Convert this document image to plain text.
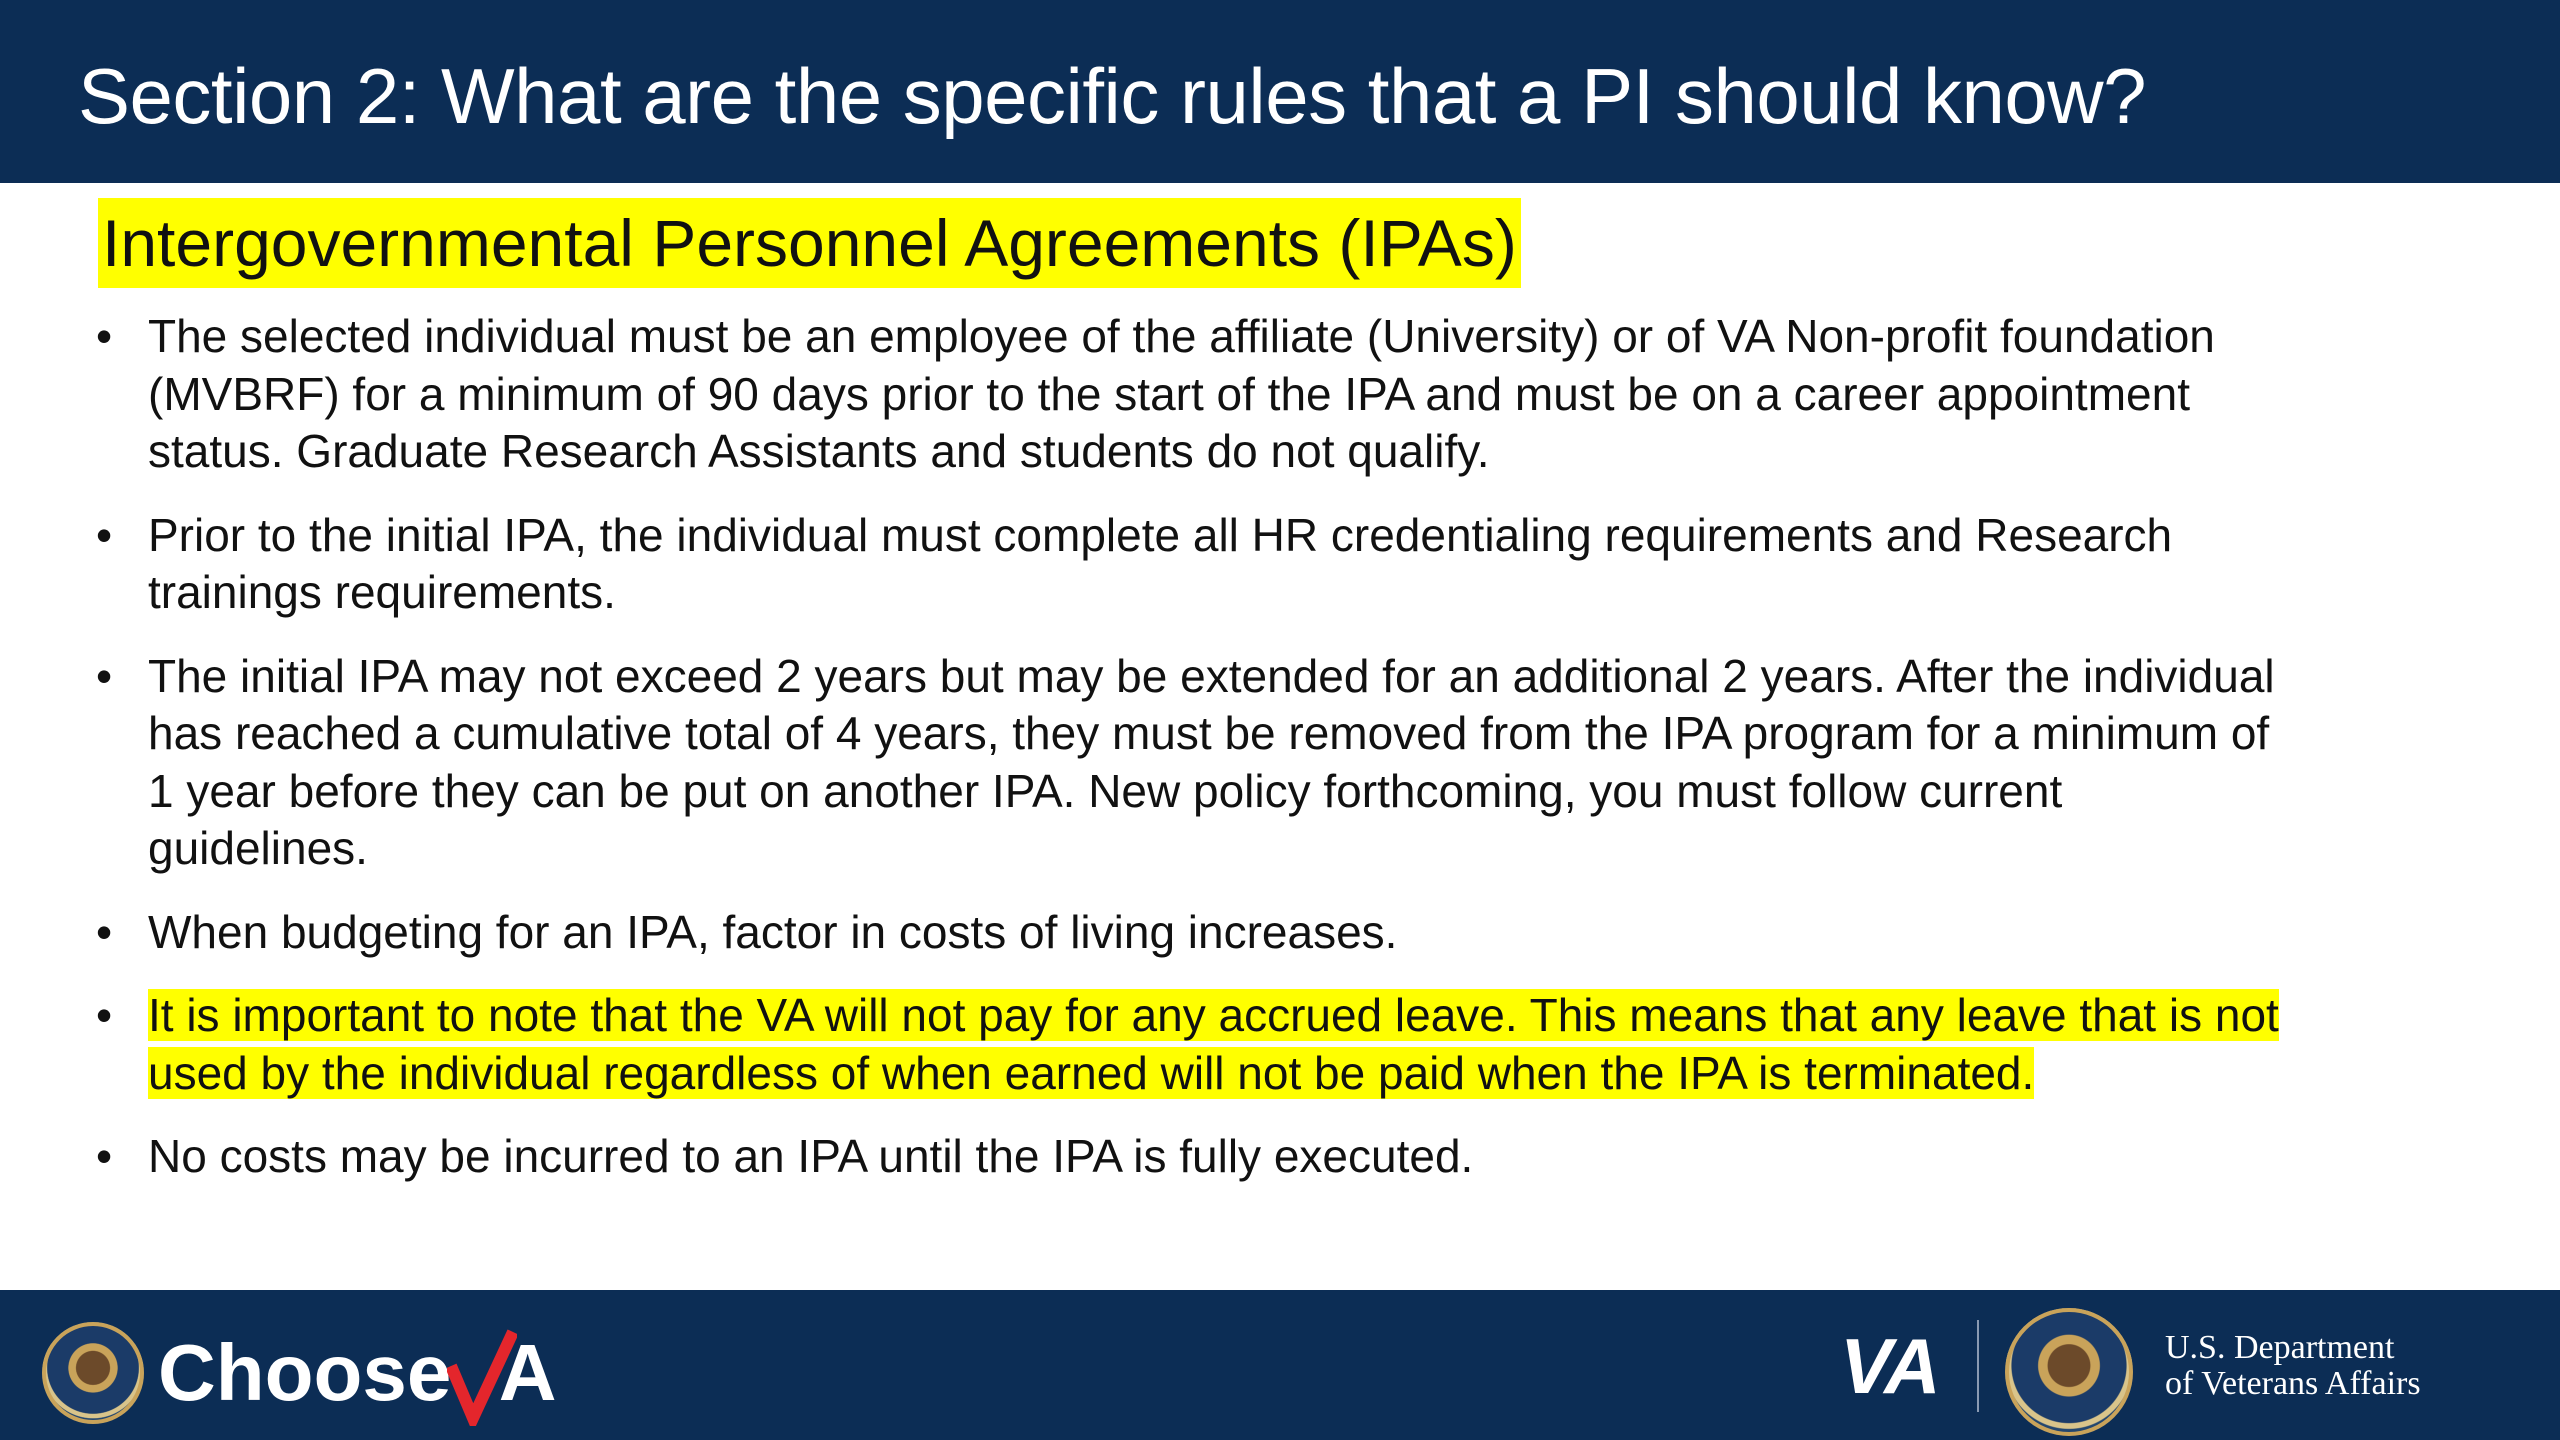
Section 2: What are the specific rules that a PI should know?
Intergovernmental Personnel Agreements (IPAs)
• The selected individual must be an employee of the affiliate (University) or of VA Non-profit foundation (MVBRF) for a minimum of 90 days prior to the start of the IPA and must be on a career appointment status. Graduate Research Assistants and students do not qualify.
• Prior to the initial IPA, the individual must complete all HR credentialing requirements and Research trainings requirements.
• The initial IPA may not exceed 2 years but may be extended for an additional 2 years. After the individual has reached a cumulative total of 4 years, they must be removed from the IPA program for a minimum of 1 year before they can be put on another IPA. New policy forthcoming, you must follow current guidelines.
• When budgeting for an IPA, factor in costs of living increases.
• It is important to note that the VA will not pay for any accrued leave. This means that any leave that is not used by the individual regardless of when earned will not be paid when the IPA is terminated.
• No costs may be incurred to an IPA until the IPA is fully executed.
Choose A	VA	U.S. Department
of Veterans Affairs
